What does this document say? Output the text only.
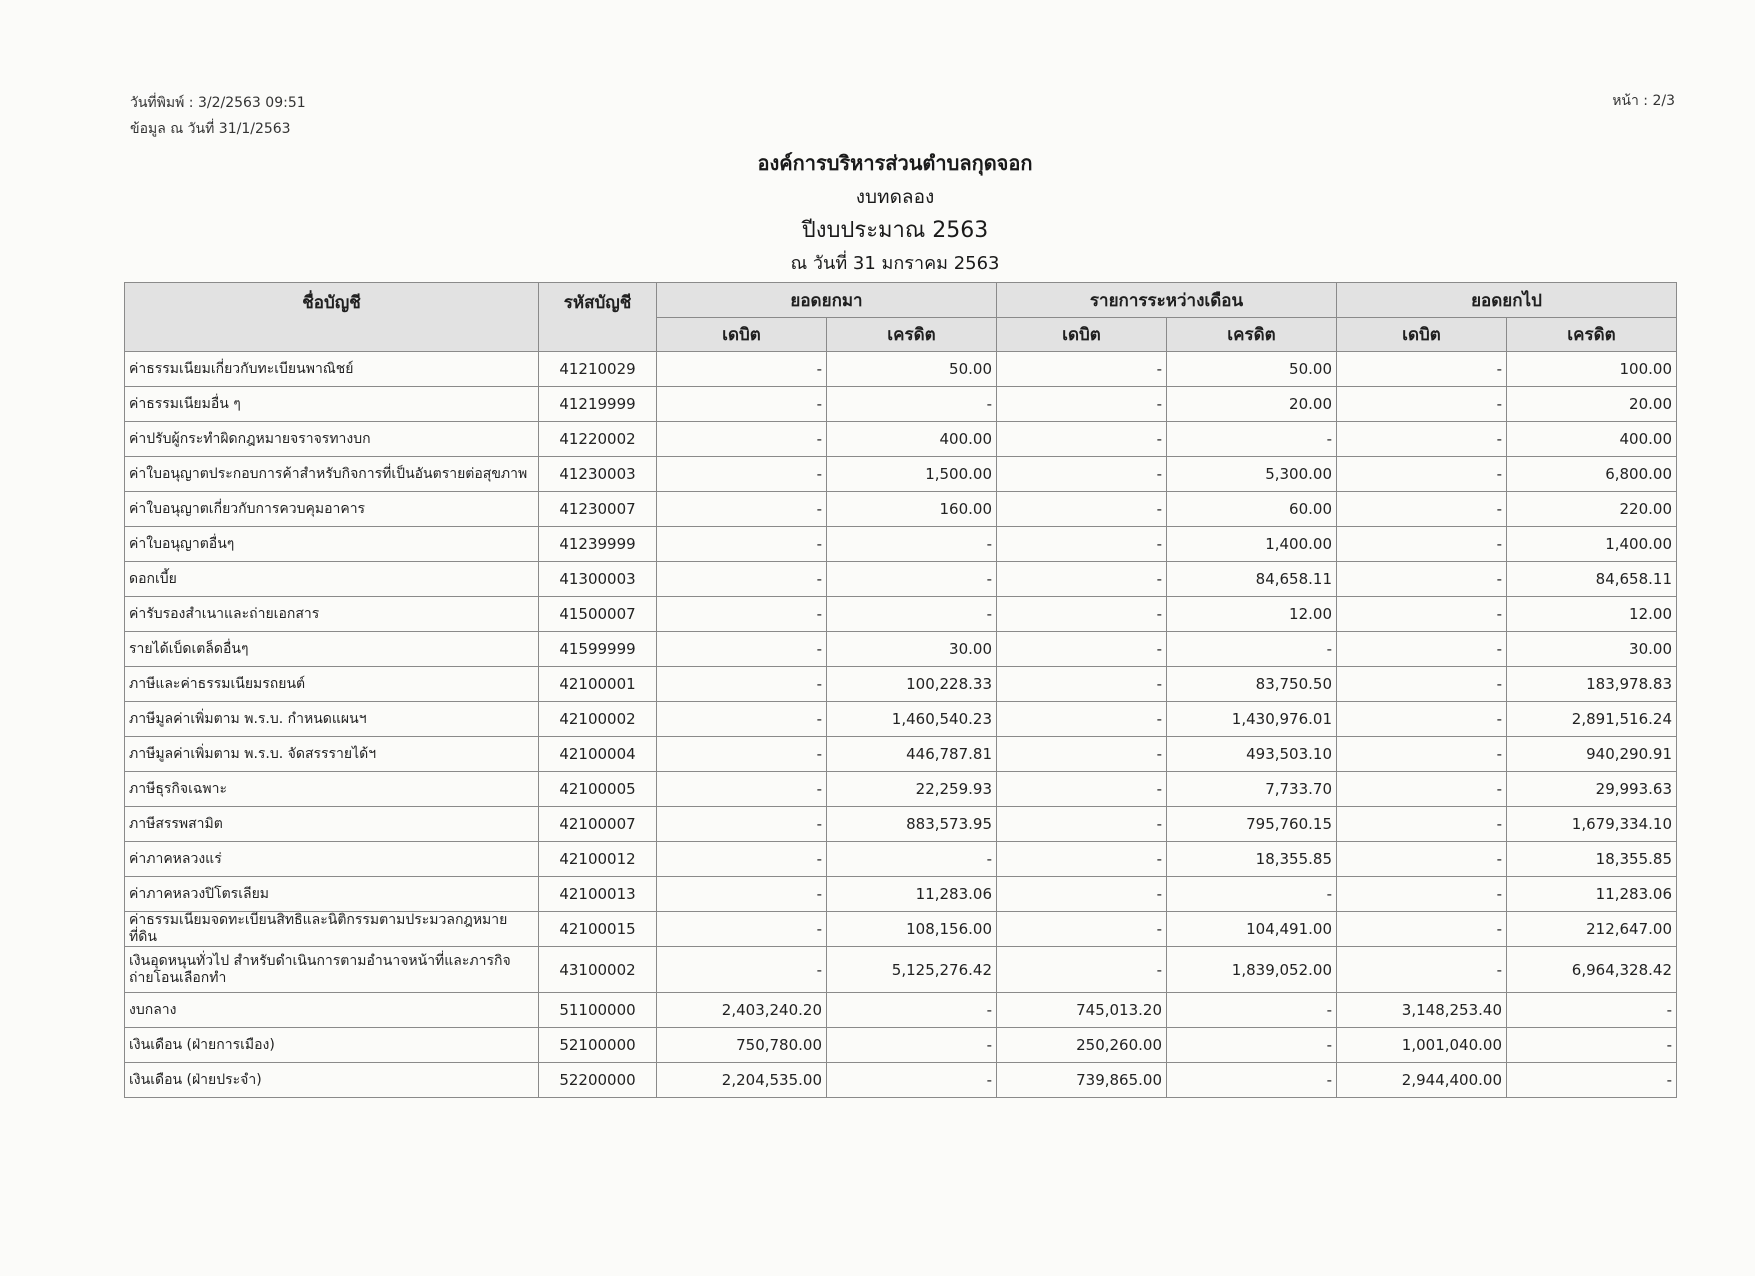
วันที่พิมพ์ : 3/2/2563 09:51
ข้อมูล ณ วันที่ 31/1/2563
หน้า : 2/3
องค์การบริหารส่วนตำบลกุดจอก
งบทดลอง
ปีงบประมาณ 2563
ณ วันที่ 31 มกราคม 2563
ชื่อบัญชี	รหัสบัญชี	ยอดยกมา		รายการระหว่างเดือน		ยอดยกไป	
		เดบิต	เครดิต	เดบิต	เครดิต	เดบิต	เครดิต
ค่าธรรมเนียมเกี่ยวกับทะเบียนพาณิชย์	41210029	-	50.00	-	50.00	-	100.00
ค่าธรรมเนียมอื่น ๆ	41219999	-	-	-	20.00	-	20.00
ค่าปรับผู้กระทำผิดกฎหมายจราจรทางบก	41220002	-	400.00	-	-	-	400.00
ค่าใบอนุญาตประกอบการค้าสำหรับกิจการที่เป็นอันตรายต่อสุขภาพ	41230003	-	1,500.00	-	5,300.00	-	6,800.00
ค่าใบอนุญาตเกี่ยวกับการควบคุมอาคาร	41230007	-	160.00	-	60.00	-	220.00
ค่าใบอนุญาตอื่นๆ	41239999	-	-	-	1,400.00	-	1,400.00
ดอกเบี้ย	41300003	-	-	-	84,658.11	-	84,658.11
ค่ารับรองสำเนาและถ่ายเอกสาร	41500007	-	-	-	12.00	-	12.00
รายได้เบ็ดเตล็ดอื่นๆ	41599999	-	30.00	-	-	-	30.00
ภาษีและค่าธรรมเนียมรถยนต์	42100001	-	100,228.33	-	83,750.50	-	183,978.83
ภาษีมูลค่าเพิ่มตาม พ.ร.บ. กำหนดแผนฯ	42100002	-	1,460,540.23	-	1,430,976.01	-	2,891,516.24
ภาษีมูลค่าเพิ่มตาม พ.ร.บ. จัดสรรรายได้ฯ	42100004	-	446,787.81	-	493,503.10	-	940,290.91
ภาษีธุรกิจเฉพาะ	42100005	-	22,259.93	-	7,733.70	-	29,993.63
ภาษีสรรพสามิต	42100007	-	883,573.95	-	795,760.15	-	1,679,334.10
ค่าภาคหลวงแร่	42100012	-	-	-	18,355.85	-	18,355.85
ค่าภาคหลวงปิโตรเลียม	42100013	-	11,283.06	-	-	-	11,283.06
ค่าธรรมเนียมจดทะเบียนสิทธิและนิติกรรมตามประมวลกฎหมายที่ดิน	42100015	-	108,156.00	-	104,491.00	-	212,647.00
เงินอุดหนุนทั่วไป สำหรับดำเนินการตามอำนาจหน้าที่และภารกิจถ่ายโอนเลือกทำ	43100002	-	5,125,276.42	-	1,839,052.00	-	6,964,328.42
งบกลาง	51100000	2,403,240.20	-	745,013.20	-	3,148,253.40	-
เงินเดือน (ฝ่ายการเมือง)	52100000	750,780.00	-	250,260.00	-	1,001,040.00	-
เงินเดือน (ฝ่ายประจำ)	52200000	2,204,535.00	-	739,865.00	-	2,944,400.00	-
